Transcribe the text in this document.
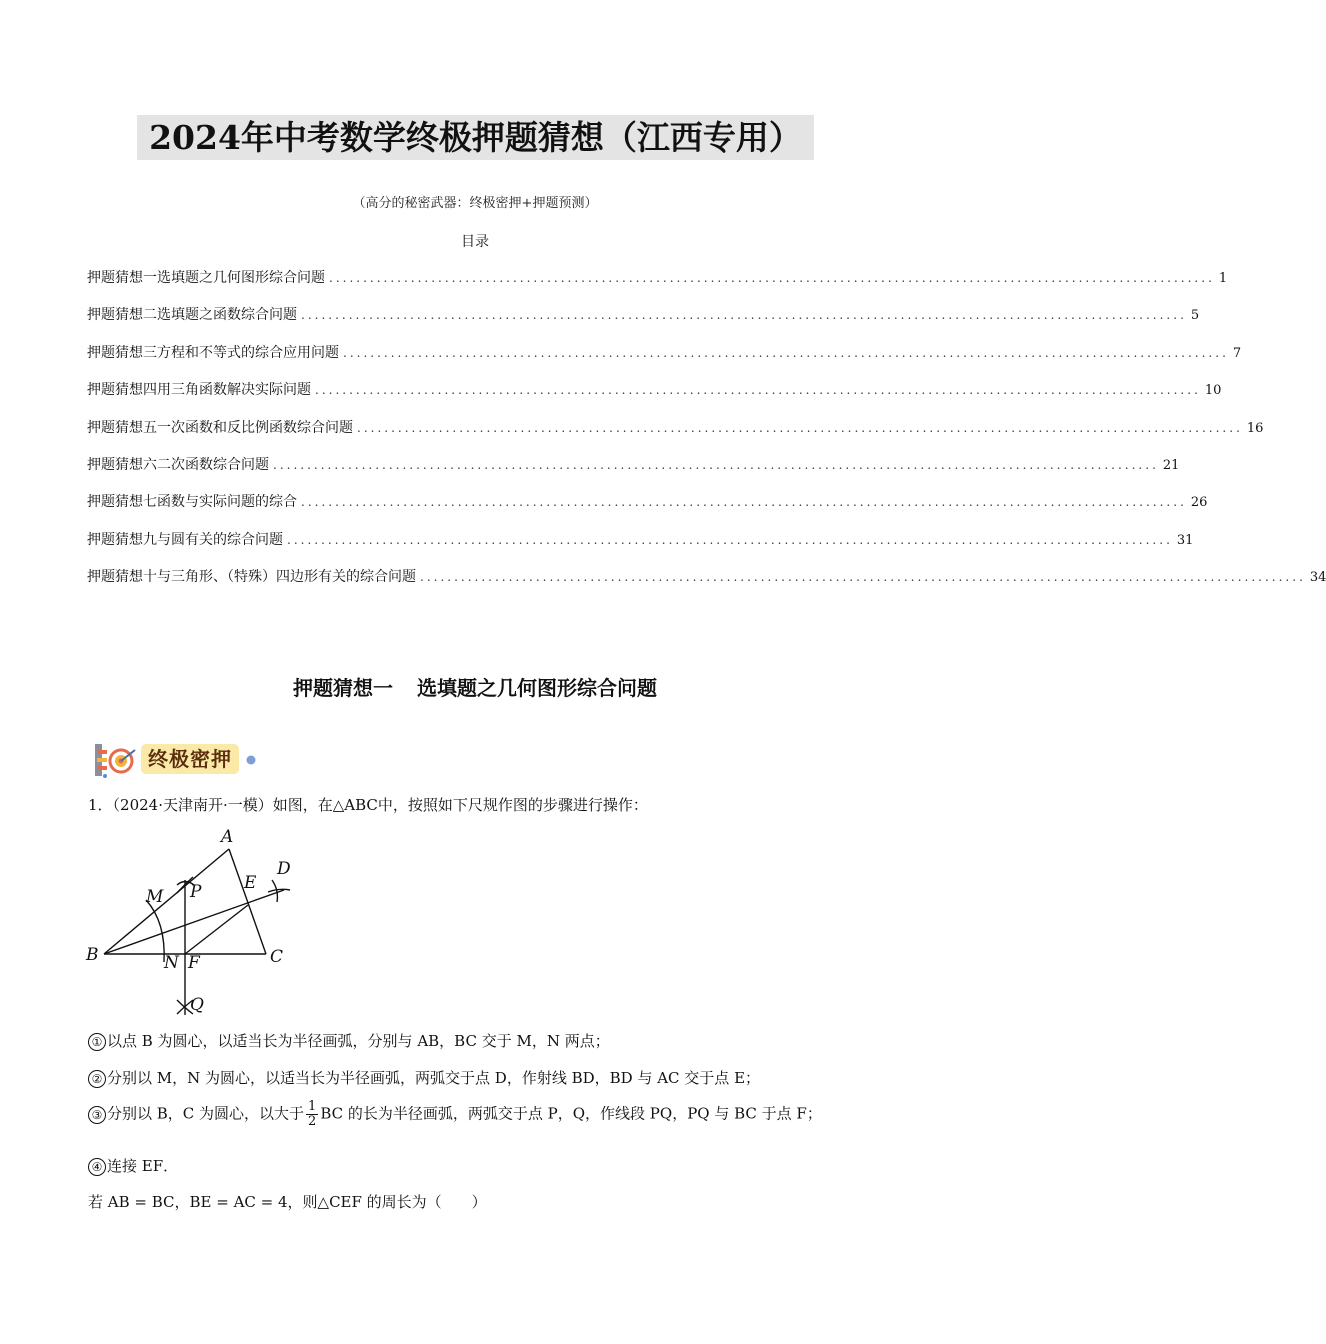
2024年中考数学终极押题猜想（江西专用）
（高分的秘密武器：终极密押+押题预测）
目录
押题猜想一 选填题之几何图形综合问题 .................................................................................................................................. 1
押题猜想二 选填题之函数综合问题 .................................................................................................................................. 5
押题猜想三 方程和不等式的综合应用问题 .................................................................................................................................. 7
押题猜想四 用三角函数解决实际问题 .................................................................................................................................. 10
押题猜想五 一次函数和反比例函数综合问题 .................................................................................................................................. 16
押题猜想六 二次函数综合问题 .................................................................................................................................. 21
押题猜想七 函数与实际问题的综合 .................................................................................................................................. 26
押题猜想九 与圆有关的综合问题 .................................................................................................................................. 31
押题猜想十 与三角形、（特殊）四边形有关的综合问题 .................................................................................................................................. 34
押题猜想一 选填题之几何图形综合问题
终极密押
1．（2024·天津南开·一模）如图，在△ABC中，按照如下尺规作图的步骤进行操作：
A
B	C
D
E
F
M
N
P
Q
① 以点 B 为圆心，以适当长为半径画弧，分别与 AB，BC 交于 M，N 两点；
② 分别以 M，N 为圆心，以适当长为半径画弧，两弧交于点 D，作射线 BD，BD 与 AC 交于点 E；
③ 分别以 B，C 为圆心，以大于 $\frac{1}{2}$ BC 的长为半径画弧，两弧交于点 P，Q，作线段 PQ，PQ 与 BC 于点 F；
④ 连接 EF．
若 AB = BC，BE = AC = 4，则△CEF 的周长为（　　）
